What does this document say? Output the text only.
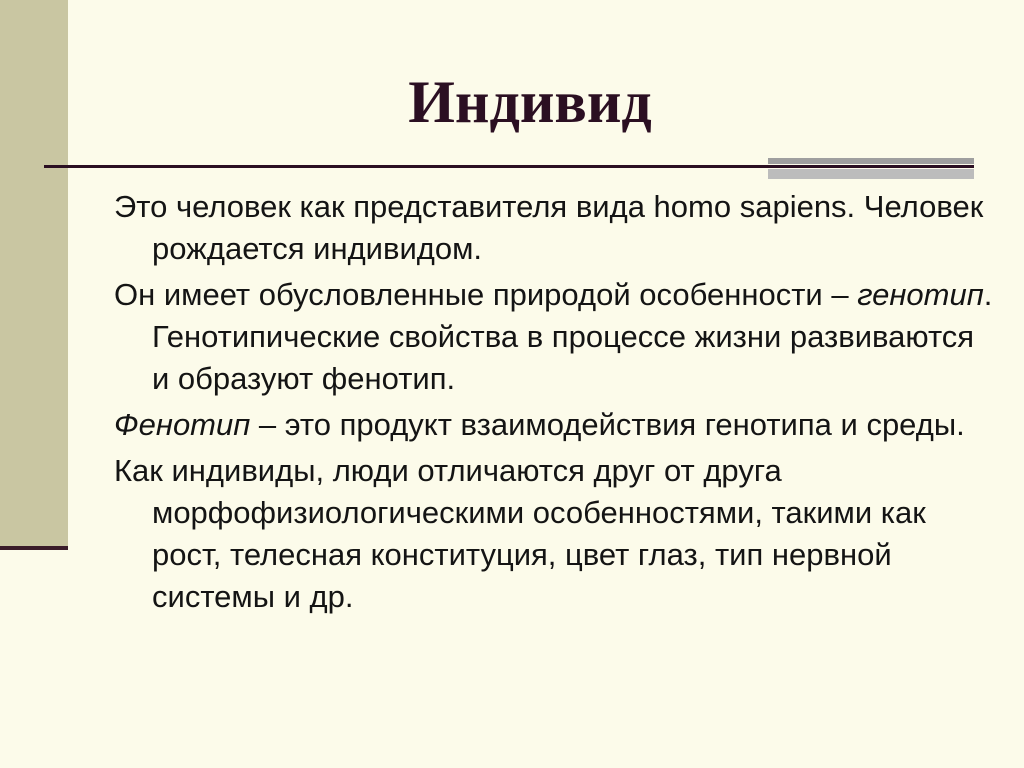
Индивид

Это человек как представителя вида homo sapiens. Человек рождается индивидом.

Он имеет обусловленные природой особенности – генотип. Генотипические свойства в процессе жизни развиваются и образуют фенотип.

Фенотип – это продукт взаимодействия генотипа и среды.

Как индивиды, люди отличаются друг от друга морфофизиологическими особенностями, такими как рост, телесная конституция, цвет глаз, тип нервной системы и др.
